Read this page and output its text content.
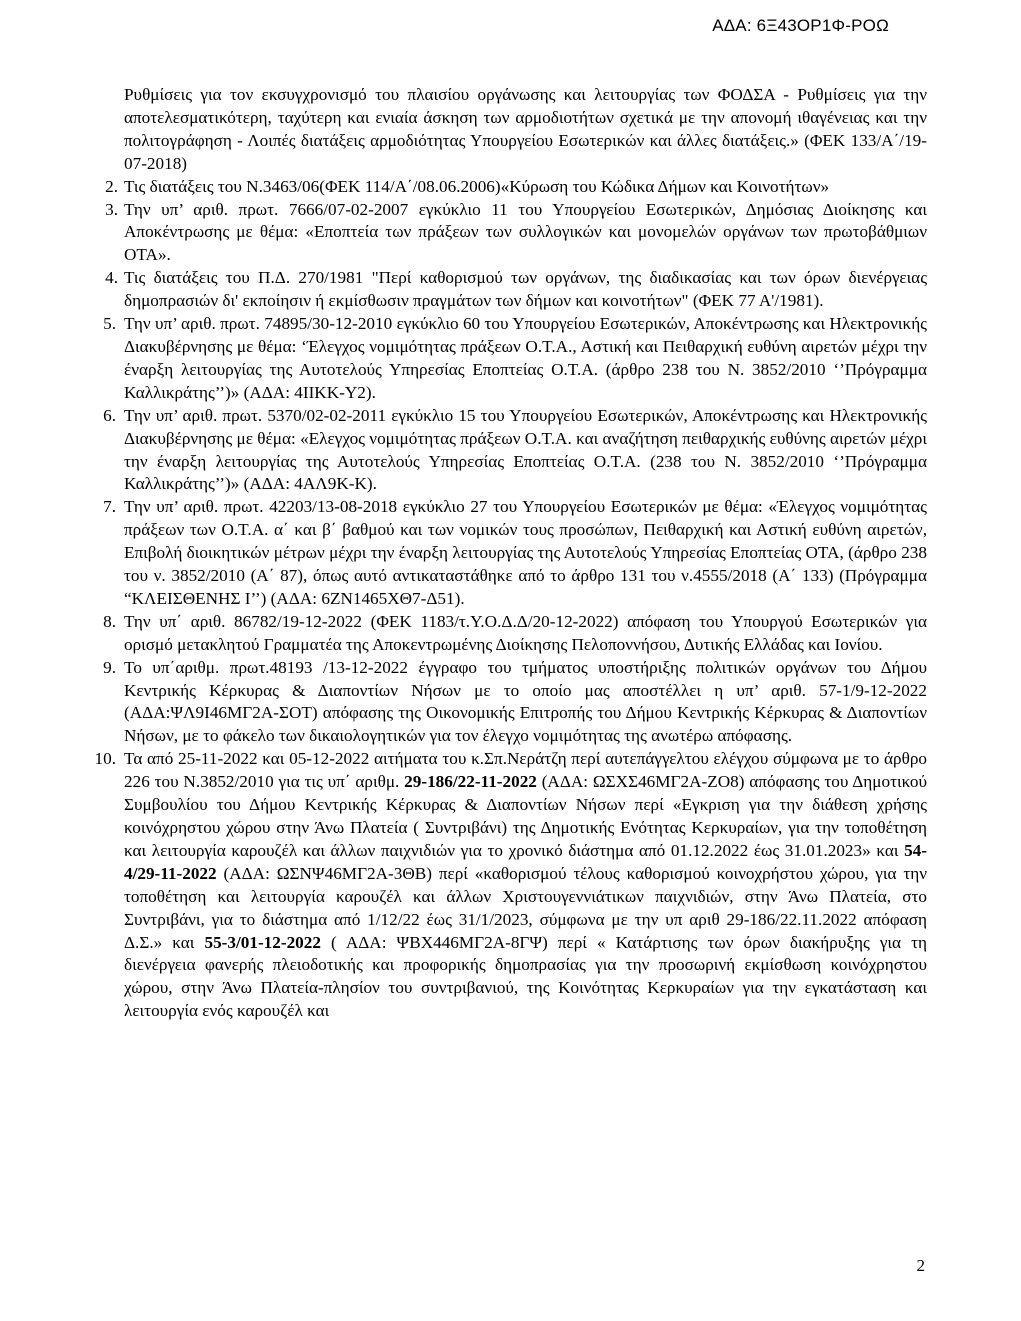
ΑΔΑ: 6Ξ43ΟΡ1Φ-ΡΟΩ
Ρυθμίσεις για τον εκσυγχρονισμό του πλαισίου οργάνωσης και λειτουργίας των ΦΟΔΣΑ - Ρυθμίσεις για την αποτελεσματικότερη, ταχύτερη και ενιαία άσκηση των αρμοδιοτήτων σχετικά με την απονομή ιθαγένειας και την πολιτογράφηση - Λοιπές διατάξεις αρμοδιότητας Υπουργείου Εσωτερικών και άλλες διατάξεις.» (ΦΕΚ 133/Α΄/19-07-2018)
2. Τις διατάξεις του Ν.3463/06(ΦΕΚ 114/Α΄/08.06.2006)«Κύρωση του Κώδικα Δήμων και Κοινοτήτων»
3. Την υπ’ αριθ. πρωτ. 7666/07-02-2007 εγκύκλιο 11 του Υπουργείου Εσωτερικών, Δημόσιας Διοίκησης και Αποκέντρωσης με θέμα: «Εποπτεία των πράξεων των συλλογικών και μονομελών οργάνων των πρωτοβάθμιων ΟΤΑ».
4. Τις διατάξεις του Π.Δ. 270/1981 "Περί καθορισμού των οργάνων, της διαδικασίας και των όρων διενέργειας δημοπρασιών δι' εκποίησιν ή εκμίσθωσιν πραγμάτων των δήμων και κοινοτήτων" (ΦΕΚ 77 Α'/1981).
5. Την υπ’ αριθ. πρωτ. 74895/30-12-2010 εγκύκλιο 60 του Υπουργείου Εσωτερικών, Αποκέντρωσης και Ηλεκτρονικής Διακυβέρνησης με θέμα: ‘Έλεγχος νομιμότητας πράξεων Ο.Τ.Α., Αστική και Πειθαρχική ευθύνη αιρετών μέχρι την έναρξη λειτουργίας της Αυτοτελούς Υπηρεσίας Εποπτείας Ο.Τ.Α. (άρθρο 238 του Ν. 3852/2010 ‘’Πρόγραμμα Καλλικράτης’’)» (ΑΔΑ: 4ΙΙΚΚ-Υ2).
6. Την υπ’ αριθ. πρωτ. 5370/02-02-2011 εγκύκλιο 15 του Υπουργείου Εσωτερικών, Αποκέντρωσης και Ηλεκτρονικής Διακυβέρνησης με θέμα: «Ελεγχος νομιμότητας πράξεων Ο.Τ.Α. και αναζήτηση πειθαρχικής ευθύνης αιρετών μέχρι την έναρξη λειτουργίας της Αυτοτελούς Υπηρεσίας Εποπτείας Ο.Τ.Α. (238 του Ν. 3852/2010 ‘’Πρόγραμμα Καλλικράτης’’)» (ΑΔΑ: 4ΑΛ9Κ-Κ).
7. Την υπ’ αριθ. πρωτ. 42203/13-08-2018 εγκύκλιο 27 του Υπουργείου Εσωτερικών με θέμα: «Έλεγχος νομιμότητας πράξεων των Ο.Τ.Α. α΄ και β΄ βαθμού και των νομικών τους προσώπων, Πειθαρχική και Αστική ευθύνη αιρετών, Επιβολή διοικητικών μέτρων μέχρι την έναρξη λειτουργίας της Αυτοτελούς Υπηρεσίας Εποπτείας ΟΤΑ, (άρθρο 238 του ν. 3852/2010 (Α΄ 87), όπως αυτό αντικαταστάθηκε από το άρθρο 131 του ν.4555/2018 (Α΄ 133) (Πρόγραμμα “ΚΛΕΙΣΘΕΝΗΣ Ι’’) (ΑΔΑ: 6ΖΝ1465ΧΘ7-Δ51).
8. Την υπ΄ αριθ. 86782/19-12-2022 (ΦΕΚ 1183/τ.Υ.Ο.Δ.Δ/20-12-2022) απόφαση του Υπουργού Εσωτερικών για ορισμό μετακλητού Γραμματέα της Αποκεντρωμένης Διοίκησης Πελοποννήσου, Δυτικής Ελλάδας και Ιονίου.
9. Το υπ΄αριθμ. πρωτ.48193 /13-12-2022 έγγραφο του τμήματος υποστήριξης πολιτικών οργάνων του Δήμου Κεντρικής Κέρκυρας & Διαποντίων Νήσων με το οποίο μας αποστέλλει η υπ’ αριθ. 57-1/9-12-2022 (ΑΔΑ:ΨΛ9Ι46ΜΓ2Α-ΣΟΤ) απόφασης της Οικονομικής Επιτροπής του Δήμου Κεντρικής Κέρκυρας & Διαποντίων Νήσων, με το φάκελο των δικαιολογητικών για τον έλεγχο νομιμότητας της ανωτέρω απόφασης.
10. Τα από 25-11-2022 και 05-12-2022 αιτήματα του κ.Σπ.Νεράτζη περί αυτεπάγγελτου ελέγχου σύμφωνα με το άρθρο 226 του Ν.3852/2010 για τις υπ΄ αριθμ. 29-186/22-11-2022 (ΑΔΑ: ΩΣΧΣ46ΜΓ2Α-ΖΟ8) απόφασης του Δημοτικού Συμβουλίου του Δήμου Κεντρικής Κέρκυρας & Διαποντίων Νήσων περί «Εγκριση για την διάθεση χρήσης κοινόχρηστου χώρου στην Άνω Πλατεία ( Συντριβάνι) της Δημοτικής Ενότητας Κερκυραίων, για την τοποθέτηση και λειτουργία καρουζέλ και άλλων παιχνιδιών για το χρονικό διάστημα από 01.12.2022 έως 31.01.2023» και 54-4/29-11-2022 (ΑΔΑ: ΩΣΝΨ46ΜΓ2Α-3ΘΒ) περί «καθορισμού τέλους καθορισμού κοινοχρήστου χώρου, για την τοποθέτηση και λειτουργία καρουζέλ και άλλων Χριστουγεννιάτικων παιχνιδιών, στην Άνω Πλατεία, στο Συντριβάνι, για το διάστημα από 1/12/22 έως 31/1/2023, σύμφωνα με την υπ αριθ 29-186/22.11.2022 απόφαση Δ.Σ.» και 55-3/01-12-2022 ( ΑΔΑ: ΨΒΧ446ΜΓ2Α-8ΓΨ) περί « Κατάρτισης των όρων διακήρυξης για τη διενέργεια φανερής πλειοδοτικής και προφορικής δημοπρασίας για την προσωρινή εκμίσθωση κοινόχρηστου χώρου, στην Άνω Πλατεία-πλησίον του συντριβανιού, της Κοινότητας Κερκυραίων για την εγκατάσταση και λειτουργία ενός καρουζέλ και
2
